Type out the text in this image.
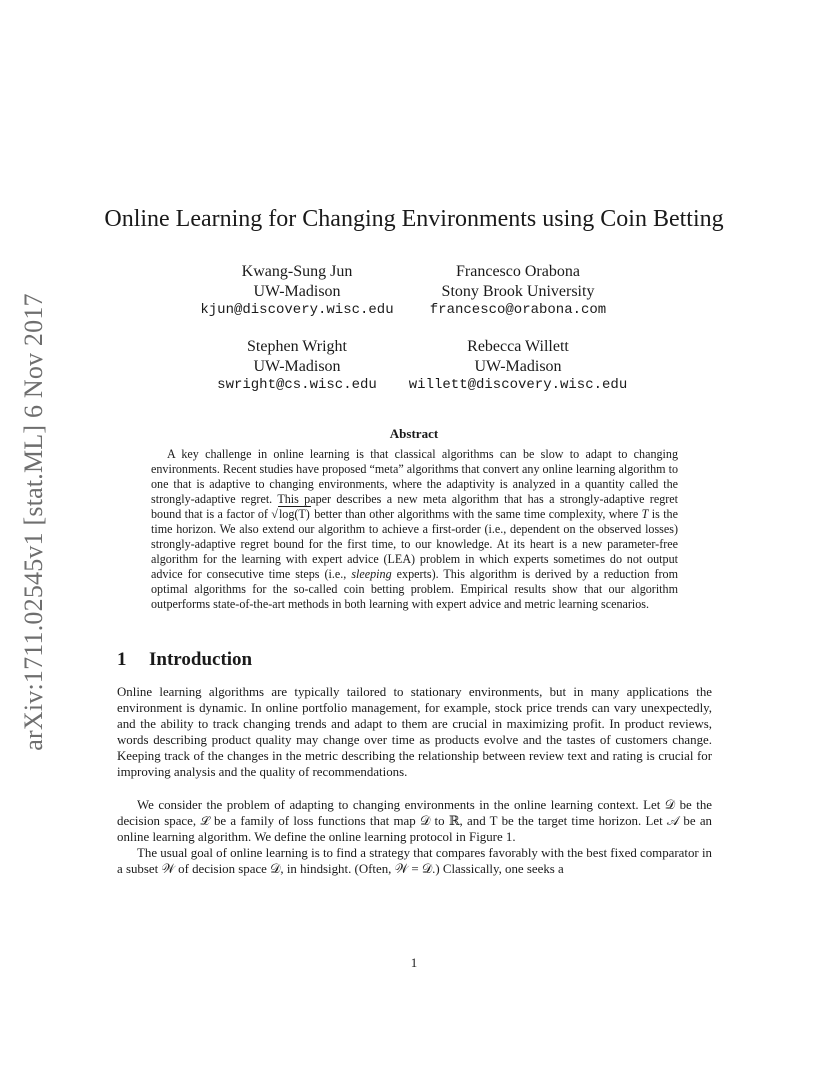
arXiv:1711.02545v1 [stat.ML] 6 Nov 2017
Online Learning for Changing Environments using Coin Betting
Kwang-Sung Jun
UW-Madison
kjun@discovery.wisc.edu
Francesco Orabona
Stony Brook University
francesco@orabona.com
Stephen Wright
UW-Madison
swright@cs.wisc.edu
Rebecca Willett
UW-Madison
willett@discovery.wisc.edu
Abstract

A key challenge in online learning is that classical algorithms can be slow to adapt to changing environments. Recent studies have proposed “meta” algorithms that convert any online learning algorithm to one that is adaptive to changing environments, where the adaptivity is analyzed in a quantity called the strongly-adaptive regret. This paper describes a new meta algorithm that has a strongly-adaptive regret bound that is a factor of √log(T) better than other algorithms with the same time complexity, where T is the time horizon. We also extend our algorithm to achieve a first-order (i.e., dependent on the observed losses) strongly-adaptive regret bound for the first time, to our knowledge. At its heart is a new parameter-free algorithm for the learning with expert advice (LEA) problem in which experts sometimes do not output advice for consecutive time steps (i.e., sleeping experts). This algorithm is derived by a reduction from optimal algorithms for the so-called coin betting problem. Empirical results show that our algorithm outperforms state-of-the-art methods in both learning with expert advice and metric learning scenarios.

1 Introduction

Online learning algorithms are typically tailored to stationary environments, but in many applications the environment is dynamic. In online portfolio management, for example, stock price trends can vary unexpectedly, and the ability to track changing trends and adapt to them are crucial in maximizing profit. In product reviews, words describing product quality may change over time as products evolve and the tastes of customers change. Keeping track of the changes in the metric describing the relationship between review text and rating is crucial for improving analysis and the quality of recommendations.

We consider the problem of adapting to changing environments in the online learning context. Let 𝒟 be the decision space, ℒ be a family of loss functions that map 𝒟 to ℝ, and T be the target time horizon. Let 𝒜 be an online learning algorithm. We define the online learning protocol in Figure 1.

The usual goal of online learning is to find a strategy that compares favorably with the best fixed comparator in a subset 𝒲 of decision space 𝒟, in hindsight. (Often, 𝒲 = 𝒟.) Classically, one seeks a

1
